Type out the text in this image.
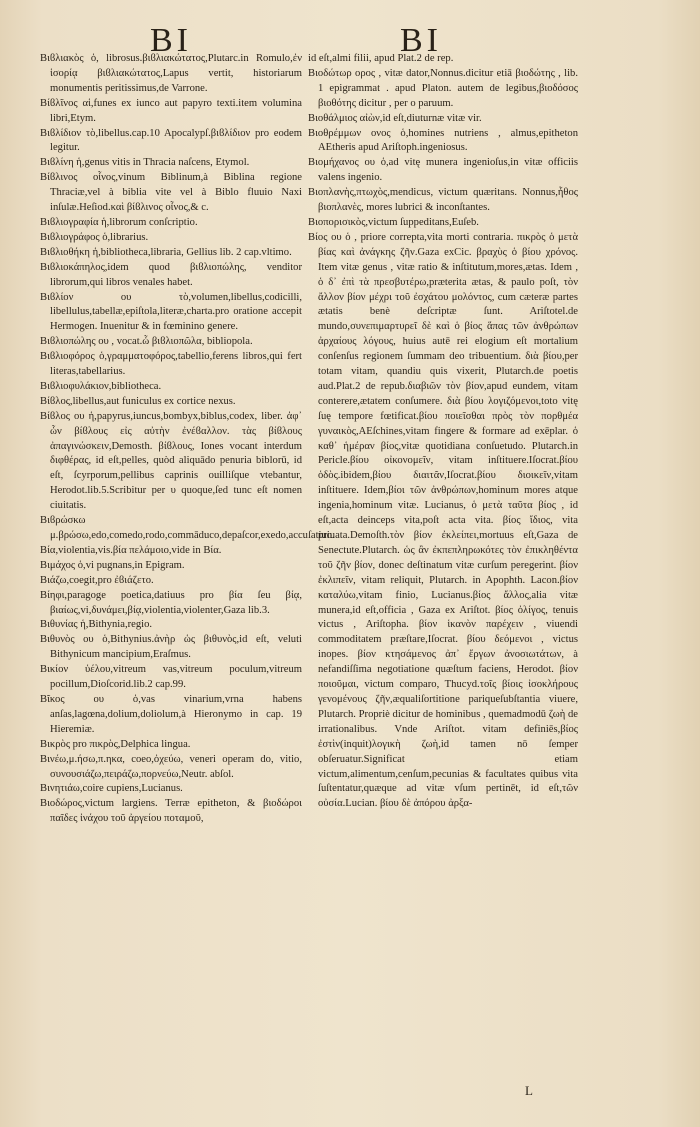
BI	BI

Βιϐλιακὸς ὁ, librosus.βιϐλιακώτατος,Plutarc.in Romulo,ἐν ἱσορίᾳ βιϐλιακώτατος,Lapus vertit, historiarum monumentis peritissimus,de Varrone.

Βίϐλῖνος αἱ,funes ex iunco aut papyro texti.item volumina libri,Etym.

Βιϐλίδιον τὸ,libellus.cap.10 Apocalypſ.βιϐλίδιον pro eodem legitur.

Βιϐλίνη ἡ,genus vitis in Thracia naſcens, Etymol.

Βίϐλινος οἶνος,vinum Biblinum,à Biblina regione Thraciæ,vel à biblia vite vel à Biblo fluuio Naxi inſulæ.Heſiod.καὶ βίϐλινος οἶνος,& c.

Βιϐλιογραφία ἡ,librorum conſcriptio.

Βιϐλιογράφος ὁ,librarius.

Βιϐλιοθήκη ἡ,bibliotheca,libraria, Gellius lib. 2 cap.vltimo.

Βιϐλιοκάπηλος,idem quod βιϐλιοπώλης, venditor librorum,qui libros venales habet.

Βιϐλίον ου τὸ,volumen,libellus,codicilli, libellulus,tabellæ,epiſtola,literæ,charta.pro oratione accepit Hermogen. Inuenitur & in fœminino genere.

Βιϐλιοπώλης ου , vocat.ὦ βιϐλιοπῶλα, bibliopola.

Βιϐλιοφόρος ὁ,γραμματοφόρος,tabellio,ferens libros,qui fert literas,tabellarius.

Βιϐλιοφυλάκιον,bibliotheca.

Βίϐλος,libellus,aut funiculus ex cortice nexus.

Βίϐλος ου ἡ,papyrus,iuncus,bombyx,biblus,codex, liber. ἀφ᾽ ὧν βίϐλους εἰς αὐτὴν ἐνέϐαλλον. τὰς βίϐλους ἀπαγινώσκειν,Demosth. βίϐλους, Iones vocant interdum διφθέρας, id eſt,pelles, quòd aliquādo penuria biblorū, id eſt, ſcyrporum,pellibus caprinis ouilliſque vtebantur, Herodot.lib.5.Scribitur per υ quoque,ſed tunc eſt nomen ciuitatis.

Βιϐρώσκω μ.βρώσω,edo,comedo,rodo,commāduco,depaſcor,exedo,accuſatiuo.

Βία,violentia,vis.βία πελάμοιο,vide in Βία.

Βιμάχος ὁ,vi pugnans,in Epigram.

Βιάζω,coegit,pro ἐϐιάζετο.

Βίηφι,paragoge poetica,datiuus pro βία ſeu βίᾳ, βιαίως,vi,δυνάμει,βίᾳ,violentia,violenter,Gaza lib.3.

Βιθυνίας ἡ,Bithynia,regio.

Βιθυνὸς ου ὁ,Bithynius.ἀνὴρ ὡς βιθυνὸς,id eſt, veluti Bithynicum mancipium,Eraſmus.

Βικίον ὑέλου,vitreum vas,vitreum poculum,vitreum pocillum,Dioſcorid.lib.2 cap.99.

Βῖκος ου ὁ,vas vinarium,vrna habens anſas,lagœna,dolium,doliolum,à Hieronymo in cap. 19 Hieremiæ.

Βικρὸς pro πικρὸς,Delphica lingua.

Βινέω,μ.ήσω,π.ηκα, coeo,ὀχεύω, veneri operam do, vitio, συνουσιάζω,πειράζω,πορνεύω,Neutr. abſol.

Βινητιάω,coire cupiens,Lucianus.

Βιοδώρος,victum largiens. Terræ epitheton, & βιοδώροι παῖδες ἰνάχου τοῦ ἀργείου ποταμοῦ,

id eſt,almi filii, apud Plat.2 de rep.

Βιοδώτωρ ορος , vitæ dator,Nonnus.dicitur etiā βιοδώτης , lib. 1 epigrammat . apud Platon. autem de legibus,βιοδόσος βιοθότης dicitur , per o paruum.

Βιοθάλμιος αἰὼν,id eſt,diuturnæ vitæ vir.

Βιοθρέμμων ονος ὁ,homines nutriens , almus,epitheton AEtheris apud Ariſtoph.ingeniosus.

Βιομήχανος ου ὁ,ad vitę munera ingenioſus,in vitæ officiis valens ingenio.

Βιοπλανὴς,πτωχὸς,mendicus, victum quæritans. Nonnus,ἦθος βιοπλανὲς, mores lubrici & inconſtantes.

Βιοπορισικὸς,victum ſuppeditans,Euſeb.

Βίος ου ὁ , priore correpta,vita morti contraria. πικρὸς ὁ μετὰ βίας καὶ ἀνάγκης ζῆν.Gaza exCic. βραχὺς ὁ βίου χρόνος. Item vitæ genus , vitæ ratio & inſtitutum,mores,ætas. Idem , ὁ δ᾽ ἐπὶ τὰ πρεσβυτέρω,præterita ætas, & paulo poſt, τὸν ἄλλον βίον μέχρι τοῦ ἐσχάτου μολόντος, cum cæteræ partes ætatis benè deſcriptæ ſunt. Ariſtotel.de mundo,συνεπιμαρτυρεῖ δὲ καὶ ὁ βίος ἅπας τῶν ἀνθρώπων ἀρχαίους λόγους, huius autē rei elogium eſt mortalium conſenſus regionem ſummam deo tribuentium. διὰ βίου,per totam vitam, quandiu quis vixerit, Plutarch.de poetis aud.Plat.2 de repub.διαβιῶν τὸν βίον,apud eundem, vitam conterere,ætatem conſumere. διὰ βίου λογιζόμενοι,toto vitę ſuę tempore fœtificat.βίου ποιεῖσθαι πρὸς τὸν πορθμέα γυναικὸς,AEſchines,vitam fingere & formare ad exēplar. ὁ καθ᾽ ἡμέραν βίος,vitæ quotidiana conſuetudo. Plutarch.in Pericle.βίου οἰκονομεῖν, vitam inſtituere.Iſocrat.βίου ὁδὸς.ibidem,βίου διαιτᾶν,Iſocrat.βίου διοικεῖν,vitam inſtituere. Idem,βίοι τῶν ἀνθρώπων,hominum mores atque ingenia,hominum vitæ. Lucianus, ὁ μετὰ ταῦτα βίος , id eſt,acta deinceps vita,poſt acta vita. βίος ἴδιος, vita priuata.Demoſth.τὸν βίον ἐκλείπει,mortuus eſt,Gaza de Senectute.Plutarch. ὡς ἂν ἐκπεπληρωκότες τὸν ἐπικληθέντα τοῦ ζῆν βίον, donec deſtinatum vitæ curſum peregerint. βίον ἐκλιπεῖν, vitam reliquit, Plutarch. in Apophth. Lacon.βίον καταλύω,vitam finio, Lucianus.βίος ἄλλος,alia vitæ munera,id eſt,officia , Gaza ex Ariſtot. βίος ὀλίγος, tenuis victus , Ariſtopha. βίον ἱκανὸν παρέχειν , viuendi commoditatem præſtare,Iſocrat. βίου δεόμενοι , victus inopes. βίον κτησάμενος ἀπ᾽ ἔργων ἀνοσιωτάτων, à nefandiſſima negotiatione quæſtum faciens, Herodot. βίον ποιοῦμαι, victum comparo, Thucyd.τοῖς βίοις ἰσοκλήρους γενομένους ζῆν,æqualiſortitione pariqueſubſtantia viuere, Plutarch. Propriè dicitur de hominibus , quemadmodū ζωὴ de irrationalibus. Vnde Ariſtot. vitam definiēs,βίος ἐστὶν(inquit)λογικὴ ζωὴ,id tamen nō ſemper obſeruatur.Significat etiam victum,alimentum,cenſum,pecunias & facultates quibus vita ſuſtentatur,quæque ad vitæ vſum pertinēt, id eſt,τῶν οὐσία.Lucian. βίου δὲ ἀπόρου ἀρξα-

L
